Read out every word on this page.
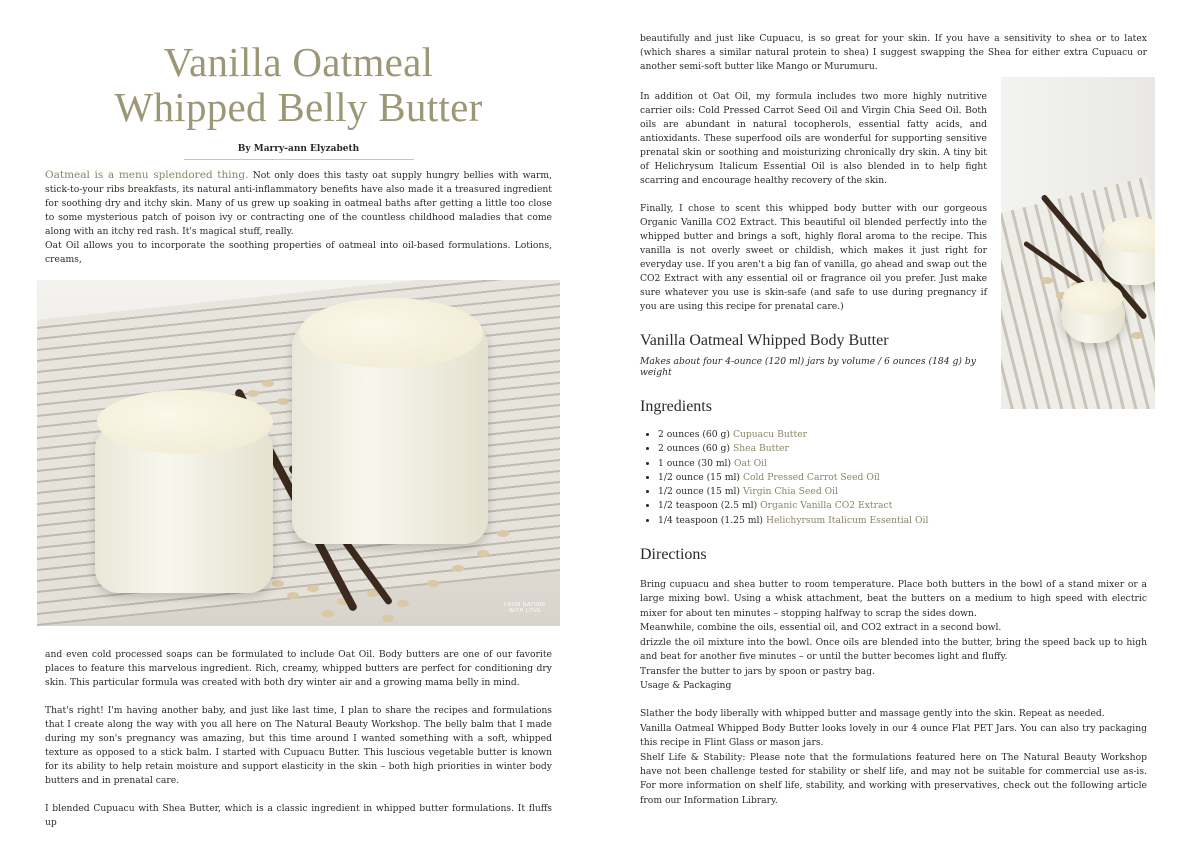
Vanilla Oatmeal
Whipped Belly Butter
By Marry-ann Elyzabeth

Oatmeal is a menu splendored thing. Not only does this tasty oat supply hungry bellies with warm, stick-to-your ribs breakfasts, its natural anti-inflammatory benefits have also made it a treasured ingredient for soothing dry and itchy skin. Many of us grew up soaking in oatmeal baths after getting a little too close to some mysterious patch of poison ivy or contracting one of the countless childhood maladies that come along with an itchy red rash. It's magical stuff, really.

Oat Oil allows you to incorporate the soothing properties of oatmeal into oil-based formulations. Lotions, creams,

FROM NATURE
WITH LOVE

and even cold processed soaps can be formulated to include Oat Oil. Body butters are one of our favorite places to feature this marvelous ingredient. Rich, creamy, whipped butters are perfect for conditioning dry skin. This particular formula was created with both dry winter air and a growing mama belly in mind.

That's right! I'm having another baby, and just like last time, I plan to share the recipes and formulations that I create along the way with you all here on The Natural Beauty Workshop. The belly balm that I made during my son's pregnancy was amazing, but this time around I wanted something with a soft, whipped texture as opposed to a stick balm. I started with Cupuacu Butter. This luscious vegetable butter is known for its ability to help retain moisture and support elasticity in the skin – both high priorities in winter body butters and in prenatal care.

I blended Cupuacu with Shea Butter, which is a classic ingredient in whipped butter formulations. It fluffs up

beautifully and just like Cupuacu, is so great for your skin. If you have a sensitivity to shea or to latex (which shares a similar natural protein to shea) I suggest swapping the Shea for either extra Cupuacu or another semi-soft butter like Mango or Murumuru.

In addition ot Oat Oil, my formula includes two more highly nutritive carrier oils: Cold Pressed Carrot Seed Oil and Virgin Chia Seed Oil. Both oils are abundant in natural tocopherols, essential fatty acids, and antioxidants. These superfood oils are wonderful for supporting sensitive prenatal skin or soothing and moisturizing chronically dry skin. A tiny bit of Helichrysum Italicum Essential Oil is also blended in to help fight scarring and encourage healthy recovery of the skin.

Finally, I chose to scent this whipped body butter with our gorgeous Organic Vanilla CO2 Extract. This beautiful oil blended perfectly into the whipped butter and brings a soft, highly floral aroma to the recipe. This vanilla is not overly sweet or childish, which makes it just right for everyday use. If you aren't a big fan of vanilla, go ahead and swap out the CO2 Extract with any essential oil or fragrance oil you prefer. Just make sure whatever you use is skin-safe (and safe to use during pregnancy if you are using this recipe for prenatal care.)

Vanilla Oatmeal Whipped Body Butter
Makes about four 4-ounce (120 ml) jars by volume / 6 ounces (184 g) by weight
Ingredients
• 2 ounces (60 g) Cupuacu Butter
• 2 ounces (60 g) Shea Butter
• 1 ounce (30 ml) Oat Oil
• 1/2 ounce (15 ml) Cold Pressed Carrot Seed Oil
• 1/2 ounce (15 ml) Virgin Chia Seed Oil
• 1/2 teaspoon (2.5 ml) Organic Vanilla CO2 Extract
• 1/4 teaspoon (1.25 ml) Helichyrsum Italicum Essential Oil
Directions

Bring cupuacu and shea butter to room temperature. Place both butters in the bowl of a stand mixer or a large mixing bowl. Using a whisk attachment, beat the butters on a medium to high speed with electric mixer for about ten minutes – stopping halfway to scrap the sides down.

Meanwhile, combine the oils, essential oil, and CO2 extract in a second bowl.

drizzle the oil mixture into the bowl. Once oils are blended into the butter, bring the speed back up to high and beat for another five minutes – or until the butter becomes light and fluffy.

Transfer the butter to jars by spoon or pastry bag.

Usage & Packaging

Slather the body liberally with whipped butter and massage gently into the skin. Repeat as needed.

Vanilla Oatmeal Whipped Body Butter looks lovely in our 4 ounce Flat PET Jars. You can also try packaging this recipe in Flint Glass or mason jars.

Shelf Life & Stability: Please note that the formulations featured here on The Natural Beauty Workshop have not been challenge tested for stability or shelf life, and may not be suitable for commercial use as-is. For more information on shelf life, stability, and working with preservatives, check out the following article from our Information Library.
